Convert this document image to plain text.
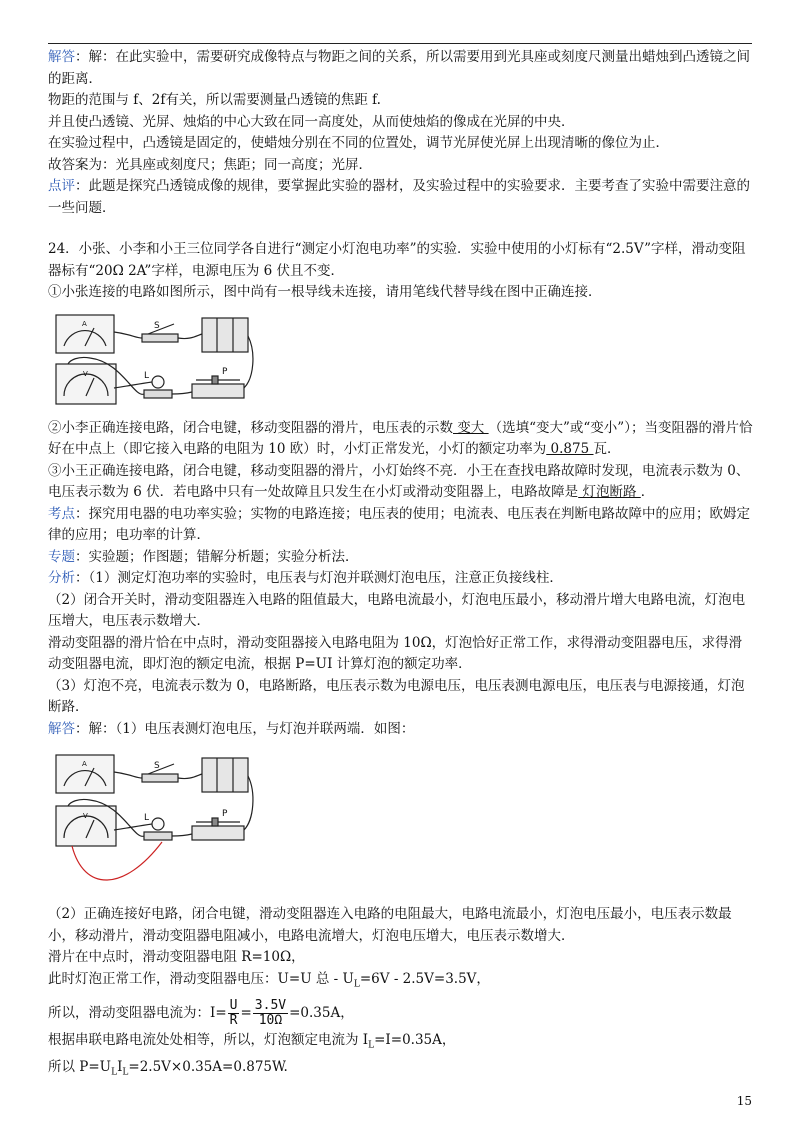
解答：解：在此实验中，需要研究成像特点与物距之间的关系，所以需要用到光具座或刻度尺测量出蜡烛到凸透镜之间的距离．

物距的范围与 f、2f有关，所以需要测量凸透镜的焦距 f.

并且使凸透镜、光屏、烛焰的中心大致在同一高度处，从而使烛焰的像成在光屏的中央．

在实验过程中，凸透镜是固定的，使蜡烛分别在不同的位置处，调节光屏使光屏上出现清晰的像位为止．

故答案为：光具座或刻度尺；焦距；同一高度；光屏．

点评：此题是探究凸透镜成像的规律，要掌握此实验的器材，及实验过程中的实验要求．主要考查了实验中需要注意的一些问题．

24．小张、小李和小王三位同学各自进行“测定小灯泡电功率”的实验．实验中使用的小灯标有“2.5V”字样，滑动变阻器标有“20Ω 2A”字样，电源电压为 6 伏且不变．

①小张连接的电路如图所示，图中尚有一根导线未连接，请用笔线代替导线在图中正确连接．

S
P
L
A
V

②小李正确连接电路，闭合电键，移动变阻器的滑片，电压表的示数 变大 （选填“变大”或“变小”）；当变阻器的滑片恰好在中点上（即它接入电路的电阻为 10 欧）时，小灯正常发光，小灯的额定功率为 0.875 瓦．

③小王正确连接电路，闭合电键，移动变阻器的滑片，小灯始终不亮．小王在查找电路故障时发现，电流表示数为 0、电压表示数为 6 伏．若电路中只有一处故障且只发生在小灯或滑动变阻器上，电路故障是 灯泡断路 ．

考点：探究用电器的电功率实验；实物的电路连接；电压表的使用；电流表、电压表在判断电路故障中的应用；欧姆定律的应用；电功率的计算．

专题：实验题；作图题；错解分析题；实验分析法．

分析：（1）测定灯泡功率的实验时，电压表与灯泡并联测灯泡电压，注意正负接线柱．

（2）闭合开关时，滑动变阻器连入电路的阻值最大，电路电流最小，灯泡电压最小，移动滑片增大电路电流，灯泡电压增大，电压表示数增大．

滑动变阻器的滑片恰在中点时，滑动变阻器接入电路电阻为 10Ω，灯泡恰好正常工作，求得滑动变阻器电压，求得滑动变阻器电流，即灯泡的额定电流，根据 P=UI 计算灯泡的额定功率．

（3）灯泡不亮，电流表示数为 0，电路断路，电压表示数为电源电压，电压表测电源电压，电压表与电源接通，灯泡断路．

解答：解：（1）电压表测灯泡电压，与灯泡并联两端．如图：

S
P
L
A
V

（2）正确连接好电路，闭合电键，滑动变阻器连入电路的电阻最大，电路电流最小，灯泡电压最小，电压表示数最小，移动滑片，滑动变阻器电阻减小，电路电流增大，灯泡电压增大，电压表示数增大．

滑片在中点时，滑动变阻器电阻 R=10Ω，

此时灯泡正常工作，滑动变阻器电压：U=U 总 - $U_L=6V - 2.5V=3.5V$，

所以，滑动变阻器电流为：$I= \frac{U}{R} = \frac{3.5V}{10\Omega} =0.35A$，

根据串联电路电流处处相等，所以，灯泡额定电流为 $I_L=I=0.35A$，

所以 $P=U_LI_L=2.5V\times 0.35A=0.875W$.

15
